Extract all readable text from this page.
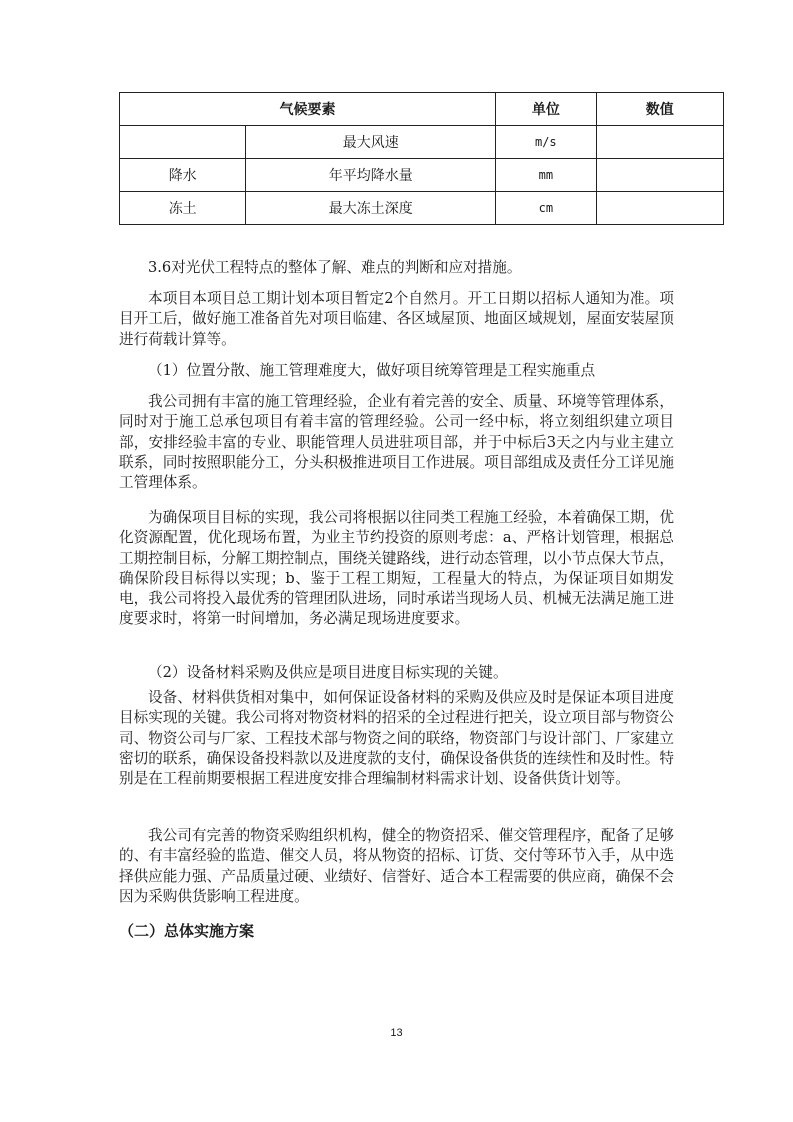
气候要素		单位	数值
	最大风速	m/s	
降水	年平均降水量	mm	
冻土	最大冻土深度	cm	

3.6对光伏工程特点的整体了解、难点的判断和应对措施。

本项目本项目总工期计划本项目暂定2个自然月。开工日期以招标人通知为准。项目开工后，做好施工准备首先对项目临建、各区域屋顶、地面区域规划，屋面安装屋顶进行荷载计算等。

（1）位置分散、施工管理难度大，做好项目统筹管理是工程实施重点

我公司拥有丰富的施工管理经验，企业有着完善的安全、质量、环境等管理体系，同时对于施工总承包项目有着丰富的管理经验。公司一经中标，将立刻组织建立项目部，安排经验丰富的专业、职能管理人员进驻项目部，并于中标后3天之内与业主建立联系，同时按照职能分工，分头积极推进项目工作进展。项目部组成及责任分工详见施工管理体系。

为确保项目目标的实现，我公司将根据以往同类工程施工经验，本着确保工期，优化资源配置，优化现场布置，为业主节约投资的原则考虑：a、严格计划管理，根据总工期控制目标，分解工期控制点，围绕关键路线，进行动态管理，以小节点保大节点，确保阶段目标得以实现；b、鉴于工程工期短，工程量大的特点，为保证项目如期发电，我公司将投入最优秀的管理团队进场，同时承诺当现场人员、机械无法满足施工进度要求时，将第一时间增加，务必满足现场进度要求。

（2）设备材料采购及供应是项目进度目标实现的关键。

设备、材料供货相对集中，如何保证设备材料的采购及供应及时是保证本项目进度目标实现的关键。我公司将对物资材料的招采的全过程进行把关，设立项目部与物资公司、物资公司与厂家、工程技术部与物资之间的联络，物资部门与设计部门、厂家建立密切的联系，确保设备投料款以及进度款的支付，确保设备供货的连续性和及时性。特别是在工程前期要根据工程进度安排合理编制材料需求计划、设备供货计划等。

我公司有完善的物资采购组织机构，健全的物资招采、催交管理程序，配备了足够的、有丰富经验的监造、催交人员，将从物资的招标、订货、交付等环节入手，从中选择供应能力强、产品质量过硬、业绩好、信誉好、适合本工程需要的供应商，确保不会因为采购供货影响工程进度。

（二）总体实施方案
13
